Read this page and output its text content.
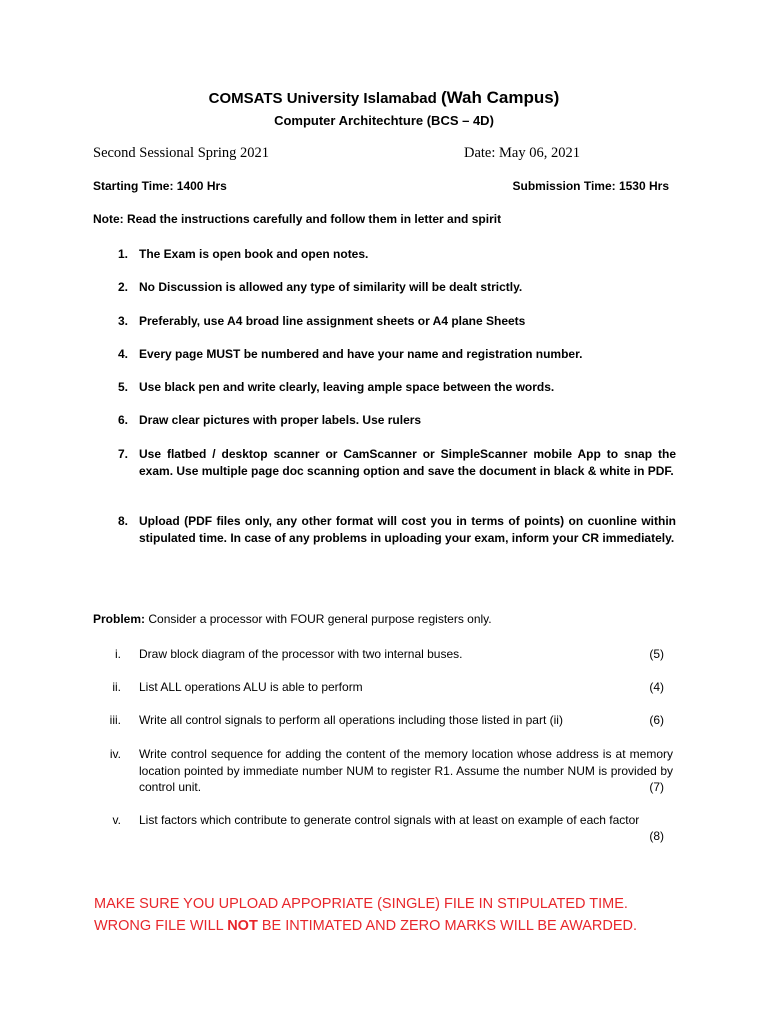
COMSATS University Islamabad (Wah Campus)
Computer Architechture (BCS – 4D)
Second Sessional Spring 2021	Date: May 06, 2021
Starting Time: 1400 Hrs	Submission Time: 1530 Hrs
Note: Read the instructions carefully and follow them in letter and spirit
1. The Exam is open book and open notes.
2. No Discussion is allowed any type of similarity will be dealt strictly.
3. Preferably, use A4 broad line assignment sheets or A4 plane Sheets
4. Every page MUST be numbered and have your name and registration number.
5. Use black pen and write clearly, leaving ample space between the words.
6. Draw clear pictures with proper labels. Use rulers
7. Use flatbed / desktop scanner or CamScanner or SimpleScanner mobile App to snap the exam. Use multiple page doc scanning option and save the document in black & white in PDF.
8. Upload (PDF files only, any other format will cost you in terms of points) on cuonline within stipulated time. In case of any problems in uploading your exam, inform your CR immediately.
Problem: Consider a processor with FOUR general purpose registers only.
i. Draw block diagram of the processor with two internal buses.	(5)
ii. List ALL operations ALU is able to perform	(4)
iii. Write all control signals to perform all operations including those listed in part (ii)	(6)
iv. Write control sequence for adding the content of the memory location whose address is at memory location pointed by immediate number NUM to register R1. Assume the number NUM is provided by control unit.	(7)
v. List factors which contribute to generate control signals with at least on example of each factor
(8)
MAKE SURE YOU UPLOAD APPOPRIATE (SINGLE) FILE IN STIPULATED TIME.
WRONG FILE WILL NOT BE INTIMATED AND ZERO MARKS WILL BE AWARDED.
